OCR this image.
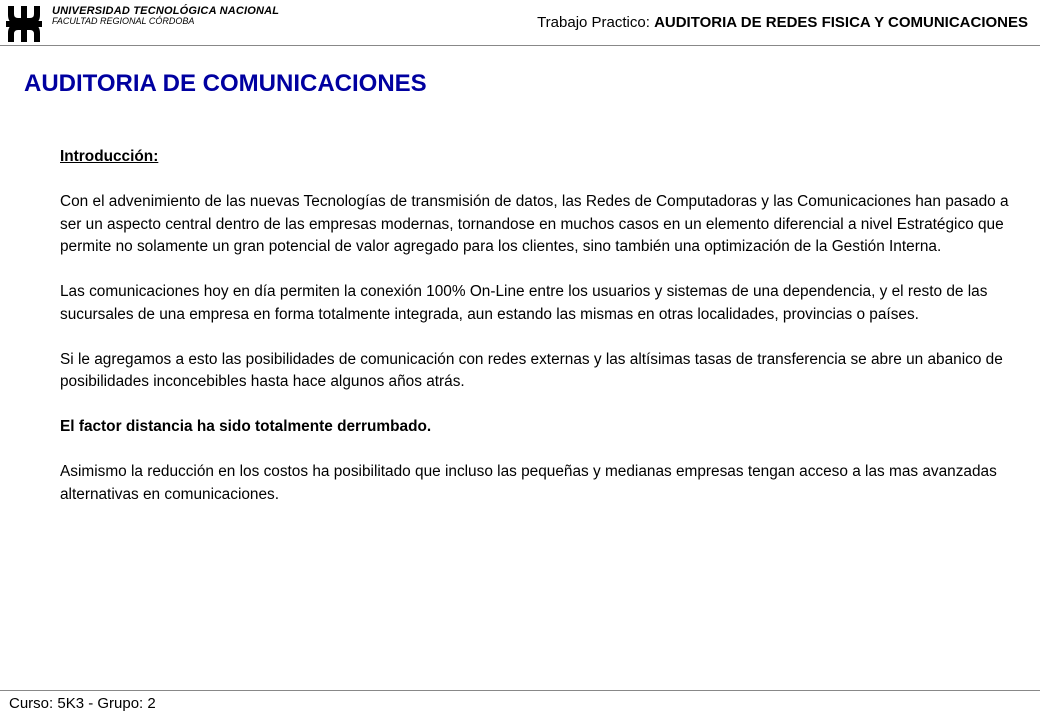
UNIVERSIDAD TECNOLÓGICA NACIONAL
FACULTAD REGIONAL CÓRDOBA	Trabajo Practico: AUDITORIA DE REDES FISICA Y COMUNICACIONES
AUDITORIA DE COMUNICACIONES

Introducción:

Con el advenimiento de las nuevas Tecnologías de transmisión de datos, las Redes de Computadoras y las Comunicaciones han pasado a ser un aspecto central dentro de las empresas modernas, tornandose en muchos casos en un elemento diferencial a nivel Estratégico que permite no solamente un gran potencial de valor agregado para los clientes, sino también una optimización de la Gestión Interna.

Las comunicaciones hoy en día permiten la conexión 100% On-Line entre los usuarios y sistemas de una dependencia, y el resto de las sucursales de una empresa en forma totalmente integrada, aun estando las mismas en otras localidades, provincias o países.

Si le agregamos a esto las posibilidades de comunicación con redes externas y las altísimas tasas de transferencia se abre un abanico de posibilidades inconcebibles hasta hace algunos años atrás.

El factor distancia ha sido totalmente derrumbado.

Asimismo la reducción en los costos ha posibilitado que incluso las pequeñas y medianas empresas tengan acceso a las mas avanzadas alternativas en comunicaciones.

Curso: 5K3 - Grupo: 2
